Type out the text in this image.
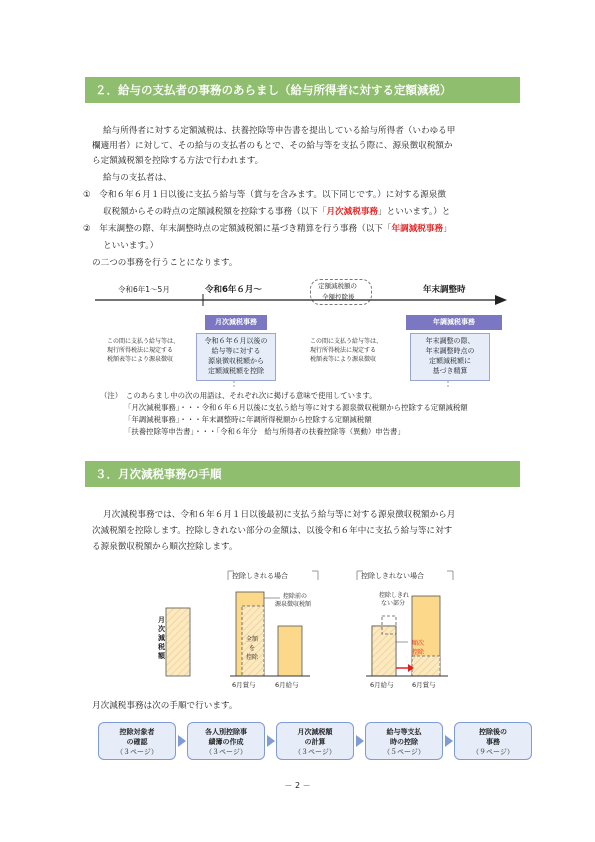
２．給与の支払者の事務のあらまし（給与所得者に対する定額減税）
給与所得者に対する定額減税は、扶養控除等申告書を提出している給与所得者（いわゆる甲
欄適用者）に対して、その給与の支払者のもとで、その給与等を支払う際に、源泉徴収税額か
ら定額減税額を控除する方法で行われます。
給与の支払者は、
①　令和６年６月１日以後に支払う給与等（賞与を含みます。以下同じです。）に対する源泉徴
収税額からその時点の定額減税額を控除する事務（以下「月次減税事務」といいます。）と
②　年末調整の際、年末調整時点の定額減税額に基づき精算を行う事務（以下「年調減税事務」
といいます。）
の二つの事務を行うことになります。
令和6年1～5月	令和6年６月～	年末調整時
定額減税額の
全額控除後
月次減税事務	年調減税事務
この間に支払う給与等は、
現行所得税法に規定する
税額表等により源泉徴収
令和６年６月以後の
給与等に対する
源泉徴収税額から
定額減税額を控除
この間に支払う給与等は、
現行所得税法に規定する
税額表等により源泉徴収
年末調整の際、
年末調整時点の
定額減税額に
基づき精算
（注）　このあらまし中の次の用語は、それぞれ次に掲げる意味で使用しています。
「月次減税事務」・・・令和６年６月以後に支払う給与等に対する源泉徴収税額から控除する定額減税額
「年調減税事務」・・・年末調整時に年調所得税額から控除する定額減税額
「扶養控除等申告書」・・・「令和６年分　給与所得者の扶養控除等（異動）申告書」
３．月次減税事務の手順
月次減税事務では、令和６年６月１日以後最初に支払う給与等に対する源泉徴収税額から月
次減税額を控除します。控除しきれない部分の金額は、以後令和６年中に支払う給与等に対す
る源泉徴収税額から順次控除します。
控除しきれる場合	控除しきれない場合
月次減税額
控除前の
源泉徴収税額
全額
を
控除
6月賞与	6月給与
控除しきれ
ない部分
順次
控除
6月給与	6月賞与
月次減税事務は次の手順で行います。
控除対象者
の確認
（３ページ）
各人別控除事
績簿の作成
（３ページ）
月次減税額
の計算
（３ページ）
給与等支払
時の控除
（５ページ）
控除後の
事務
（９ページ）
－ 2 －
